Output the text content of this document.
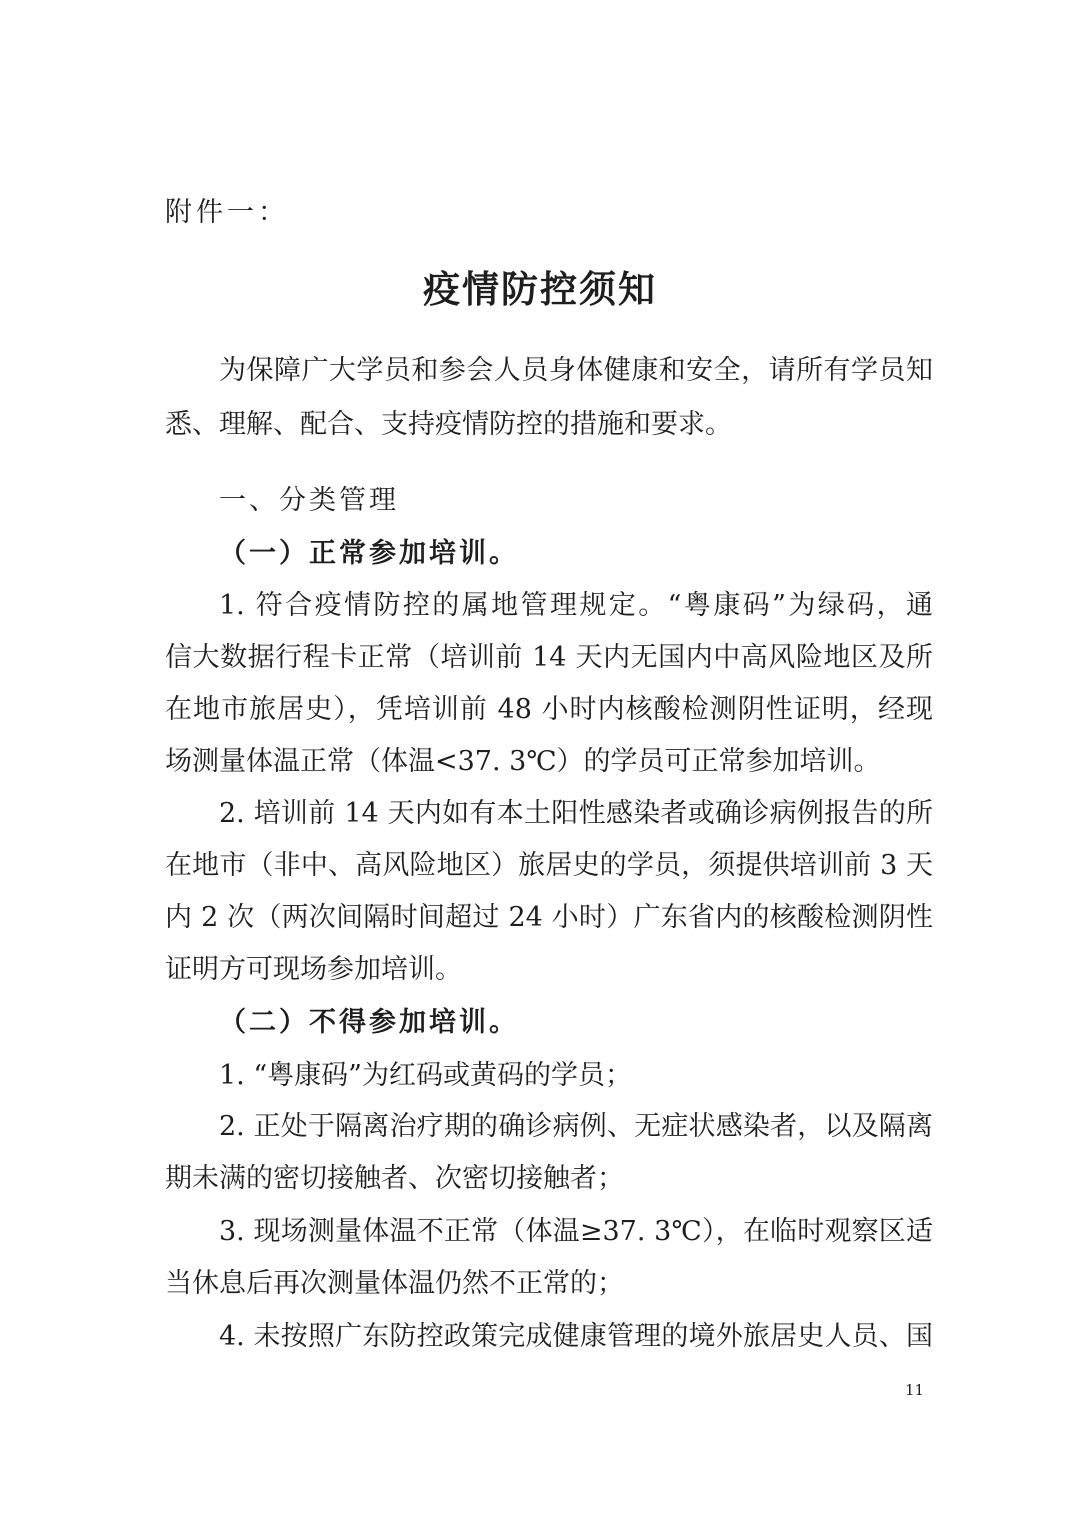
附件一：
疫情防控须知
为保障广大学员和参会人员身体健康和安全，请所有学员知
悉、理解、配合、支持疫情防控的措施和要求。
一、分类管理
（一）正常参加培训。
1. 符合疫情防控的属地管理规定。“粤康码”为绿码，通
信大数据行程卡正常（培训前 14 天内无国内中高风险地区及所
在地市旅居史），凭培训前 48 小时内核酸检测阴性证明，经现
场测量体温正常（体温<37. 3℃）的学员可正常参加培训。
2. 培训前 14 天内如有本土阳性感染者或确诊病例报告的所
在地市（非中、高风险地区）旅居史的学员，须提供培训前 3 天
内 2 次（两次间隔时间超过 24 小时）广东省内的核酸检测阴性
证明方可现场参加培训。
（二）不得参加培训。
1. “粤康码”为红码或黄码的学员；
2. 正处于隔离治疗期的确诊病例、无症状感染者，以及隔离
期未满的密切接触者、次密切接触者；
3. 现场测量体温不正常（体温≥37. 3℃），在临时观察区适
当休息后再次测量体温仍然不正常的；
4. 未按照广东防控政策完成健康管理的境外旅居史人员、国
11
